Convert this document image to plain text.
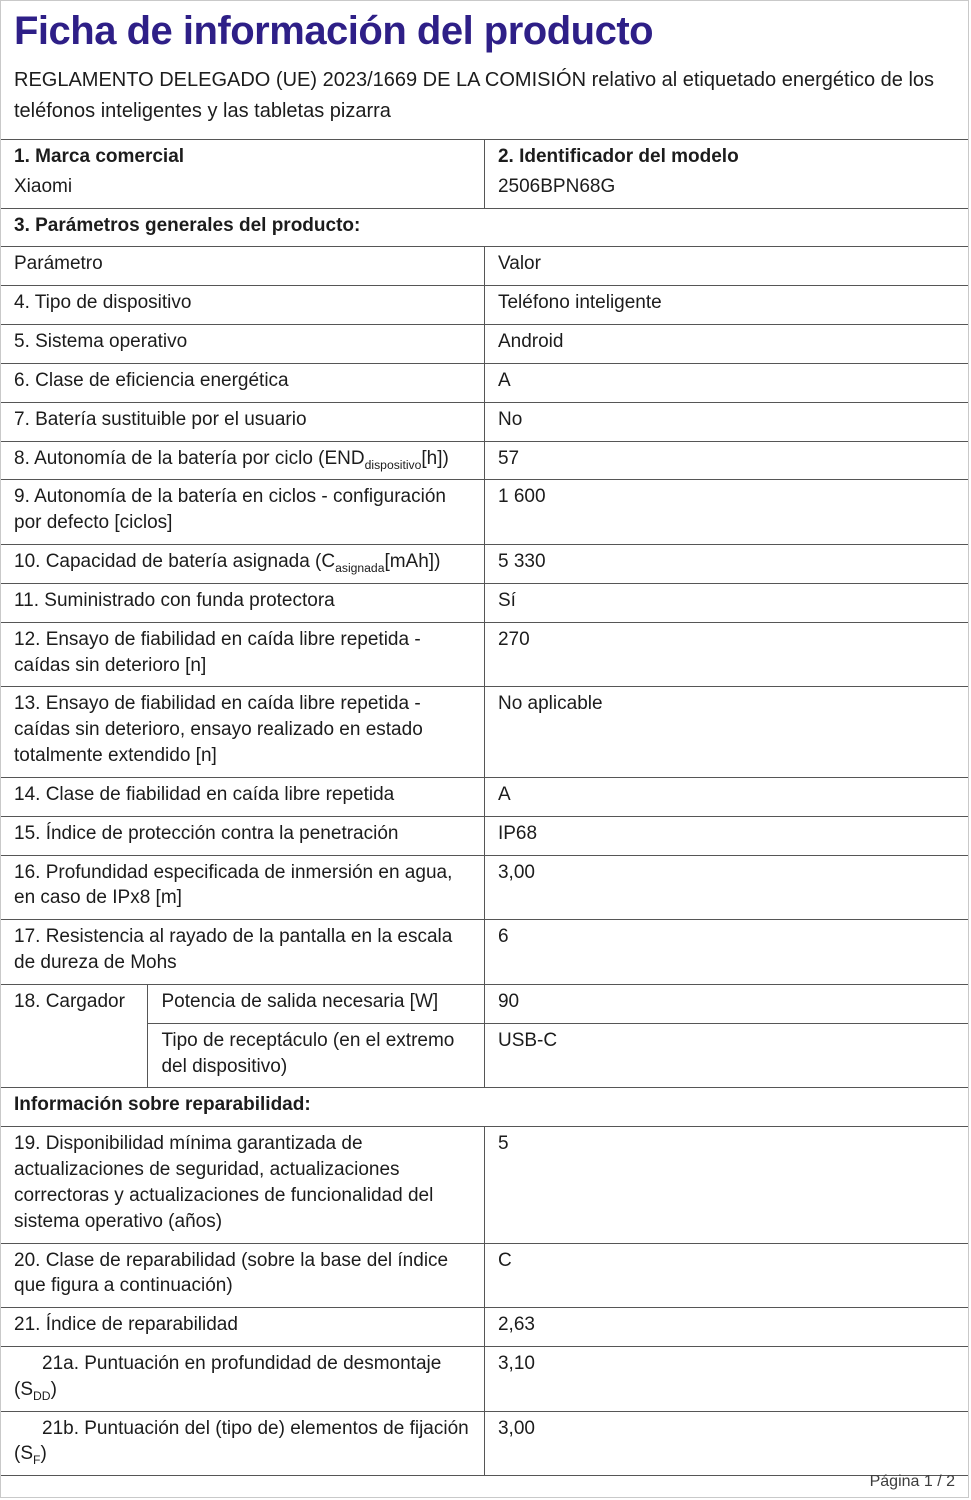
Ficha de información del producto

REGLAMENTO DELEGADO (UE) 2023/1669 DE LA COMISIÓN relativo al etiquetado energético de los teléfonos inteligentes y las tabletas pizarra

1. Marca comercial
Xiaomi

2. Identificador del modelo
2506BPN68G

3. Parámetros generales del producto:		
Parámetro		Valor
4. Tipo de dispositivo		Teléfono inteligente
5. Sistema operativo		Android
6. Clase de eficiencia energética		A
7. Batería sustituible por el usuario		No
8. Autonomía de la batería por ciclo $(END_{dispositivo}[h])$		57
9. Autonomía de la batería en ciclos - configuración por defecto [ciclos]		1 600
10. Capacidad de batería asignada $(C_{asignada}[mAh])$		5 330
11. Suministrado con funda protectora		Sí
12. Ensayo de fiabilidad en caída libre repetida - caídas sin deterioro [n]		270
13. Ensayo de fiabilidad en caída libre repetida - caídas sin deterioro, ensayo realizado en estado totalmente extendido [n]		No aplicable
14. Clase de fiabilidad en caída libre repetida		A
15. Índice de protección contra la penetración		IP68
16. Profundidad especificada de inmersión en agua, en caso de IPx8 [m]		3,00
17. Resistencia al rayado de la pantalla en la escala de dureza de Mohs		6
18. Cargador	Potencia de salida necesaria [W]	90
	Tipo de receptáculo (en el extremo del dispositivo)	USB-C
Información sobre reparabilidad:		
19. Disponibilidad mínima garantizada de actualizaciones de seguridad, actualizaciones correctoras y actualizaciones de funcionalidad del sistema operativo (años)		5
20. Clase de reparabilidad (sobre la base del índice que figura a continuación)		C
21. Índice de reparabilidad		2,63
21a. Puntuación en profundidad de desmontaje $(S_{DD})$		3,10
21b. Puntuación del (tipo de) elementos de fijación $(S_F)$		3,00
Página 1 / 2
